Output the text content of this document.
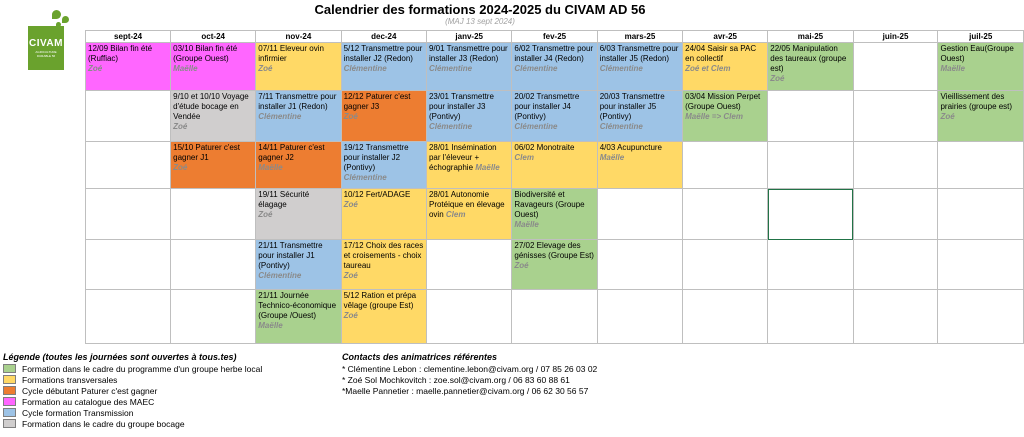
CIVAM
AGRICULTURE DURABLE 56
Calendrier des formations 2024-2025 du CIVAM AD 56
(MAJ 13 sept 2024)
sept-24	oct-24	nov-24	dec-24	janv-25	fev-25	mars-25	avr-25	mai-25	juin-25	juil-25

12/09 Bilan fin été (Ruffiac)
Zoé	03/10 Bilan fin été (Groupe Ouest)
Maëlle	07/11 Eleveur ovin infirmier
Zoé	5/12 Transmettre pour installer J2 (Redon)
Clémentine	9/01 Transmettre pour installer J3 (Redon)
Clémentine	6/02 Transmettre pour installer J4 (Redon)
Clémentine	6/03 Transmettre pour installer J5 (Redon)
Clémentine	24/04 Saisir sa PAC en collectif
Zoé et Clem	22/05 Manipulation des taureaux (groupe est)
Zoé		Gestion Eau(Groupe Ouest)
Maëlle

	9/10 et 10/10 Voyage d'étude bocage en Vendée
Zoé	7/11 Transmettre pour installer J1 (Redon)
Clémentine	12/12 Paturer c'est gagner J3
Zoé	23/01 Transmettre pour installer J3 (Pontivy)
Clémentine	20/02 Transmettre pour installer J4 (Pontivy)
Clémentine	20/03 Transmettre pour installer J5 (Pontivy)
Clémentine	03/04 Mission Perpet (Groupe Ouest)
Maëlle => Clem			Vieillissement des prairies (groupe est)
Zoé

	15/10 Paturer c'est gagner J1
Zoé	14/11 Paturer c'est gagner J2
Maëlle	19/12 Transmettre pour installer J2 (Pontivy)
Clémentine	28/01 Insémination par l'éleveur + échographie Maëlle	06/02 Monotraite
Clem	4/03 Acupuncture
Maëlle				

		19/11 Sécurité élagage
Zoé	10/12 Fert/ADAGE
Zoé	28/01 Autonomie Protéique en élevage ovin Clem	Biodiversité et Ravageurs (Groupe Ouest)
Maëlle					

		21/11 Transmettre pour installer J1 (Pontivy)
Clémentine	17/12 Choix des races et croisements - choix taureau
Zoé		27/02 Elevage des génisses (Groupe Est)
Zoé					

		21/11 Journée Technico-économique (Groupe /Ouest)
Maëlle	5/12 Ration et prépa vêlage (groupe Est)
Zoé							

Légende (toutes les journées sont ouvertes à tous.tes)
Formation dans le cadre du programme d'un groupe herbe local
Formations transversales
Cycle débutant Paturer c'est gagner
Formation au catalogue des MAEC
Cycle formation Transmission
Formation dans le cadre du groupe bocage
Contacts des animatrices référentes
* Clémentine Lebon : clementine.lebon@civam.org / 07 85 26 03 02
* Zoé Sol Mochkovitch : zoe.sol@civam.org / 06 83 60 88 61
*Maelle Pannetier : maelle.pannetier@civam.org / 06 62 30 56 57
